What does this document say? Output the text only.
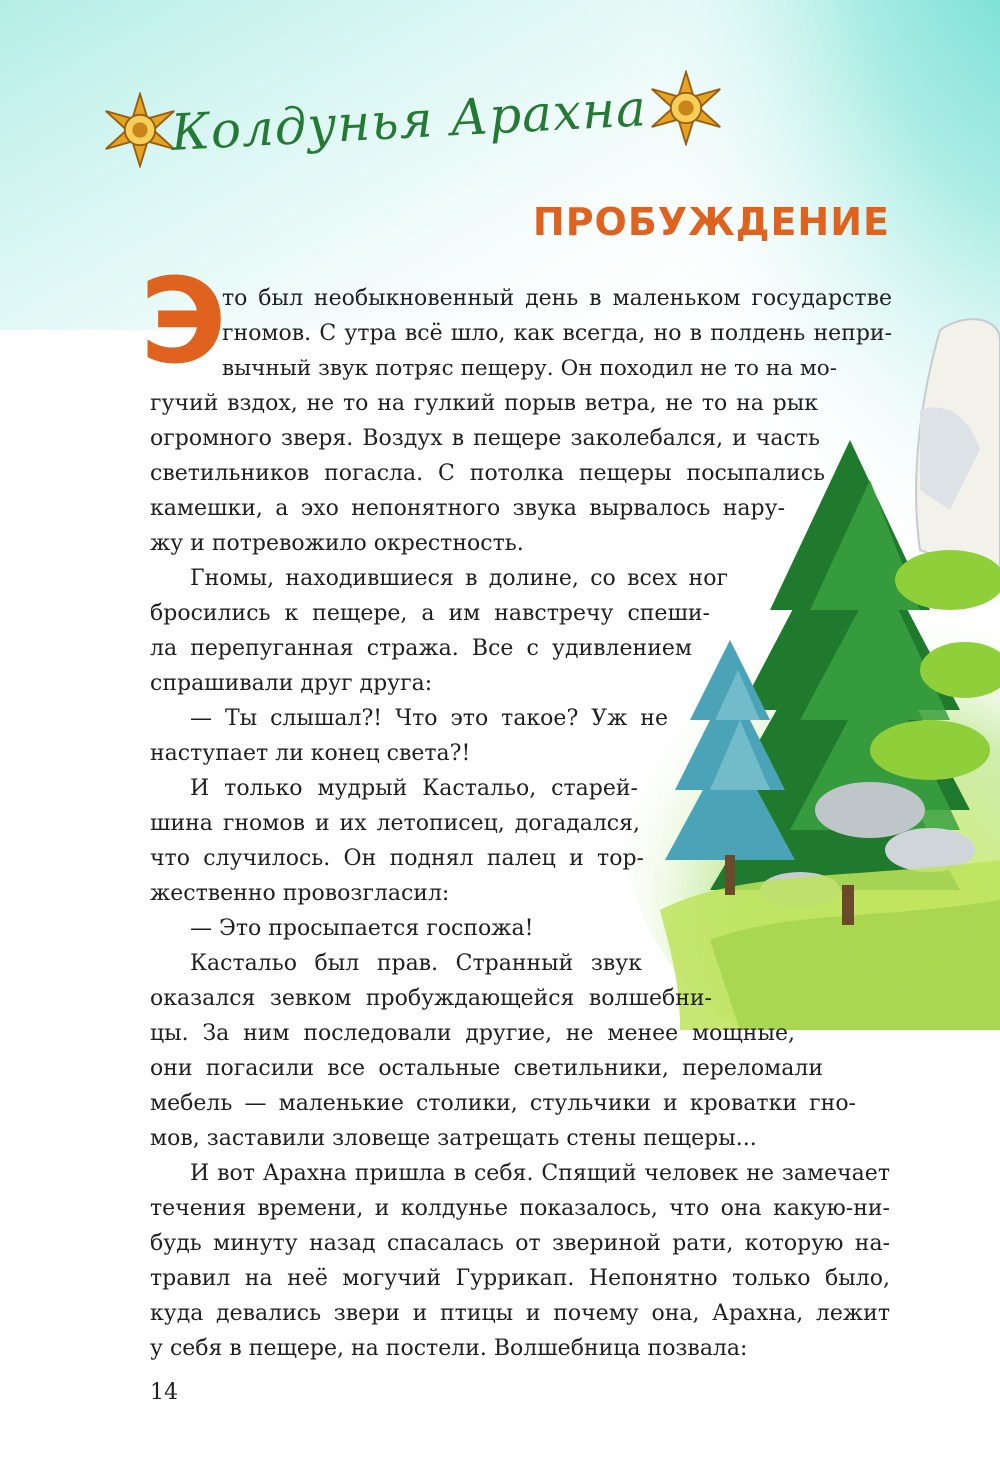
Колдунья Арахна
ПРОБУЖДЕНИЕ
Э
то был необыкновенный день в маленьком государстве
гномов. С утра всё шло, как всегда, но в полдень непри-
вычный звук потряс пещеру. Он походил не то на мо-
гучий вздох, не то на гулкий порыв ветра, не то на рык
огромного зверя. Воздух в пещере заколебался, и часть
светильников погасла. С потолка пещеры посыпались
камешки, а эхо непонятного звука вырвалось нару-
жу и потревожило окрестность.
Гномы, находившиеся в долине, со всех ног
бросились к пещере, а им навстречу спеши-
ла перепуганная стража. Все с удивлением
спрашивали друг друга:
— Ты слышал?! Что это такое? Уж не
наступает ли конец света?!
И только мудрый Кастальо, старей-
шина гномов и их летописец, догадался,
что случилось. Он поднял палец и тор-
жественно провозгласил:
— Это просыпается госпожа!
Кастальо был прав. Странный звук
оказался зевком пробуждающейся волшебни-
цы. За ним последовали другие, не менее мощные,
они погасили все остальные светильники, переломали
мебель — маленькие столики, стульчики и кроватки гно-
мов, заставили зловеще затрещать стены пещеры...
И вот Арахна пришла в себя. Спящий человек не замечает
течения времени, и колдунье показалось, что она какую-ни-
будь минуту назад спасалась от звериной рати, которую на-
травил на неё могучий Гуррикап. Непонятно только было,
куда девались звери и птицы и почему она, Арахна, лежит
у себя в пещере, на постели. Волшебница позвала:
14
